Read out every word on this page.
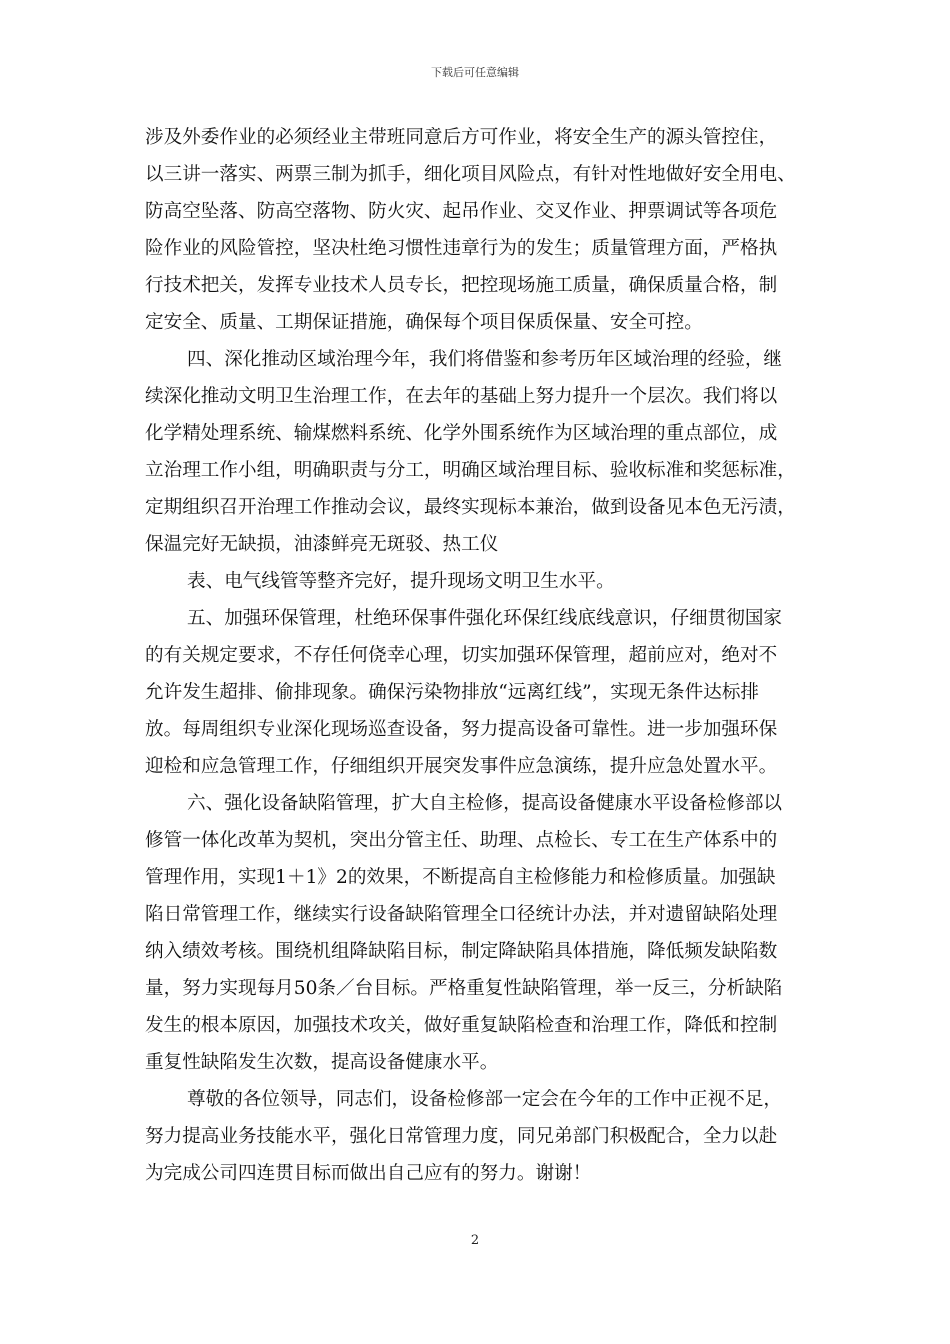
下载后可任意编辑
涉及外委作业的必须经业主带班同意后方可作业，将安全生产的源头管控住，
以三讲一落实、两票三制为抓手，细化项目风险点，有针对性地做好安全用电、
防高空坠落、防高空落物、防火灾、起吊作业、交叉作业、押票调试等各项危
险作业的风险管控，坚决杜绝习惯性违章行为的发生；质量管理方面，严格执
行技术把关，发挥专业技术人员专长，把控现场施工质量，确保质量合格，制
定安全、质量、工期保证措施，确保每个项目保质保量、安全可控。
四、深化推动区域治理今年，我们将借鉴和参考历年区域治理的经验，继
续深化推动文明卫生治理工作，在去年的基础上努力提升一个层次。我们将以
化学精处理系统、输煤燃料系统、化学外围系统作为区域治理的重点部位，成
立治理工作小组，明确职责与分工，明确区域治理目标、验收标准和奖惩标准，
定期组织召开治理工作推动会议，最终实现标本兼治，做到设备见本色无污渍，
保温完好无缺损，油漆鲜亮无斑驳、热工仪
表、电气线管等整齐完好，提升现场文明卫生水平。
五、加强环保管理，杜绝环保事件强化环保红线底线意识，仔细贯彻国家
的有关规定要求，不存任何侥幸心理，切实加强环保管理，超前应对，绝对不
允许发生超排、偷排现象。确保污染物排放“远离红线”，实现无条件达标排
放。每周组织专业深化现场巡查设备，努力提高设备可靠性。进一步加强环保
迎检和应急管理工作，仔细组织开展突发事件应急演练，提升应急处置水平。
六、强化设备缺陷管理，扩大自主检修，提高设备健康水平设备检修部以
修管一体化改革为契机，突出分管主任、助理、点检长、专工在生产体系中的
管理作用，实现1＋1》2的效果，不断提高自主检修能力和检修质量。加强缺
陷日常管理工作，继续实行设备缺陷管理全口径统计办法，并对遗留缺陷处理
纳入绩效考核。围绕机组降缺陷目标，制定降缺陷具体措施，降低频发缺陷数
量，努力实现每月50条／台目标。严格重复性缺陷管理，举一反三，分析缺陷
发生的根本原因，加强技术攻关，做好重复缺陷检查和治理工作，降低和控制
重复性缺陷发生次数，提高设备健康水平。
尊敬的各位领导，同志们，设备检修部一定会在今年的工作中正视不足，
努力提高业务技能水平，强化日常管理力度，同兄弟部门积极配合，全力以赴
为完成公司四连贯目标而做出自己应有的努力。谢谢！
2
